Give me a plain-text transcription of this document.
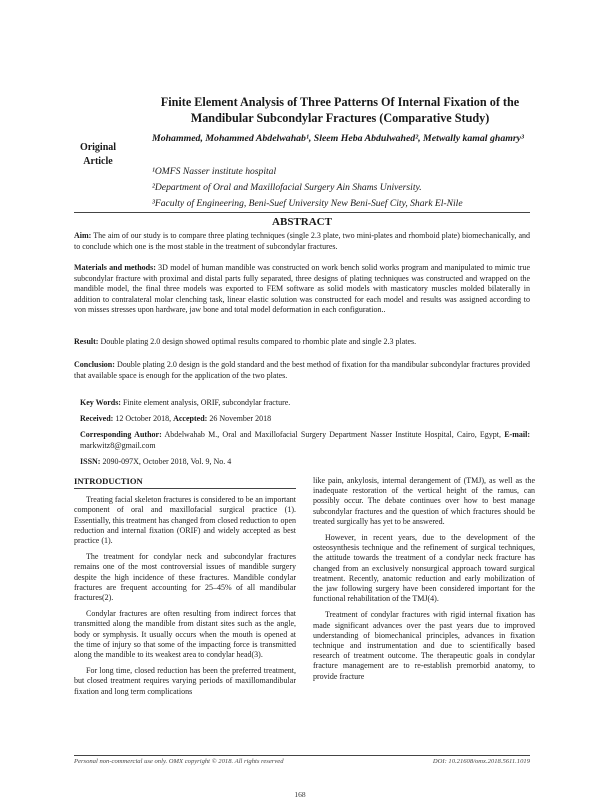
Original
Article
Finite Element Analysis of Three Patterns Of Internal Fixation of the Mandibular Subcondylar Fractures (Comparative Study)
Mohammed, Mohammed Abdelwahab¹, Sleem Heba Abdulwahed², Metwally kamal ghamry³
¹OMFS Nasser institute hospital
²Department of Oral and Maxillofacial Surgery Ain Shams University.
³Faculty of Engineering, Beni-Suef University New Beni-Suef City, Shark El-Nile
ABSTRACT
Aim: The aim of our study is to compare three plating techniques (single 2.3 plate, two mini-plates and rhomboid plate) biomechanically, and to conclude which one is the most stable in the treatment of subcondylar fractures.
Materials and methods: 3D model of human mandible was constructed on work bench solid works program and manipulated to mimic true subcondylar fracture with proximal and distal parts fully separated, three designs of plating techniques was constructed and wrapped on the mandible model, the final three models was exported to FEM software as solid models with masticatory muscles molded bilaterally in addition to contralateral molar clenching task, linear elastic solution was constructed for each model and results was assigned according to von misses stresses upon hardware, jaw bone and total model deformation in each configuration..
Result: Double plating 2.0 design showed optimal results compared to rhombic plate and single 2.3 plates.
Conclusion: Double plating 2.0 design is the gold standard and the best method of fixation for tha mandibular subcondylar fractures provided that available space is enough for the application of the two plates.
Key Words: Finite element analysis, ORIF, subcondylar fracture.
Received: 12 October 2018, Accepted: 26 November 2018
Corresponding Author: Abdelwahab M., Oral and Maxillofacial Surgery Department Nasser Institute Hospital, Cairo, Egypt, E-mail: markwitz8@gmail.com
ISSN: 2090-097X, October 2018, Vol. 9, No. 4
INTRODUCTION

Treating facial skeleton fractures is considered to be an important component of oral and maxillofacial surgical practice (1). Essentially, this treatment has changed from closed reduction to open reduction and internal fixation (ORIF) and widely accepted as best practice (1).

The treatment for condylar neck and subcondylar fractures remains one of the most controversial issues of mandible surgery despite the high incidence of these fractures. Mandible condylar fractures are frequent accounting for 25–45% of all mandibular fractures(2).

Condylar fractures are often resulting from indirect forces that transmitted along the mandible from distant sites such as the angle, body or symphysis. It usually occurs when the mouth is opened at the time of injury so that some of the impacting force is transmitted along the mandible to its weakest area to condylar head(3).

For long time, closed reduction has been the preferred treatment, but closed treatment requires varying periods of maxillomandibular fixation and long term complications

like pain, ankylosis, internal derangement of (TMJ), as well as the inadequate restoration of the vertical height of the ramus, can possibly occur. The debate continues over how to best manage subcondylar fractures and the question of which fractures should be treated surgically has yet to be answered.

However, in recent years, due to the development of the osteosynthesis technique and the refinement of surgical techniques, the attitude towards the treatment of a condylar neck fracture has changed from an exclusively nonsurgical approach toward surgical treatment. Recently, anatomic reduction and early mobilization of the jaw following surgery have been considered important for the functional rehabilitation of the TMJ(4).

Treatment of condylar fractures with rigid internal fixation has made significant advances over the past years due to improved understanding of biomechanical principles, advances in fixation technique and instrumentation and due to scientifically based research of treatment outcome. The therapeutic goals in condylar fracture management are to re-establish premorbid anatomy, to provide fracture

Personal non-commercial use only. OMX copyright © 2018. All rights reserved	DOI: 10.21608/omx.2018.5611.1019
168
